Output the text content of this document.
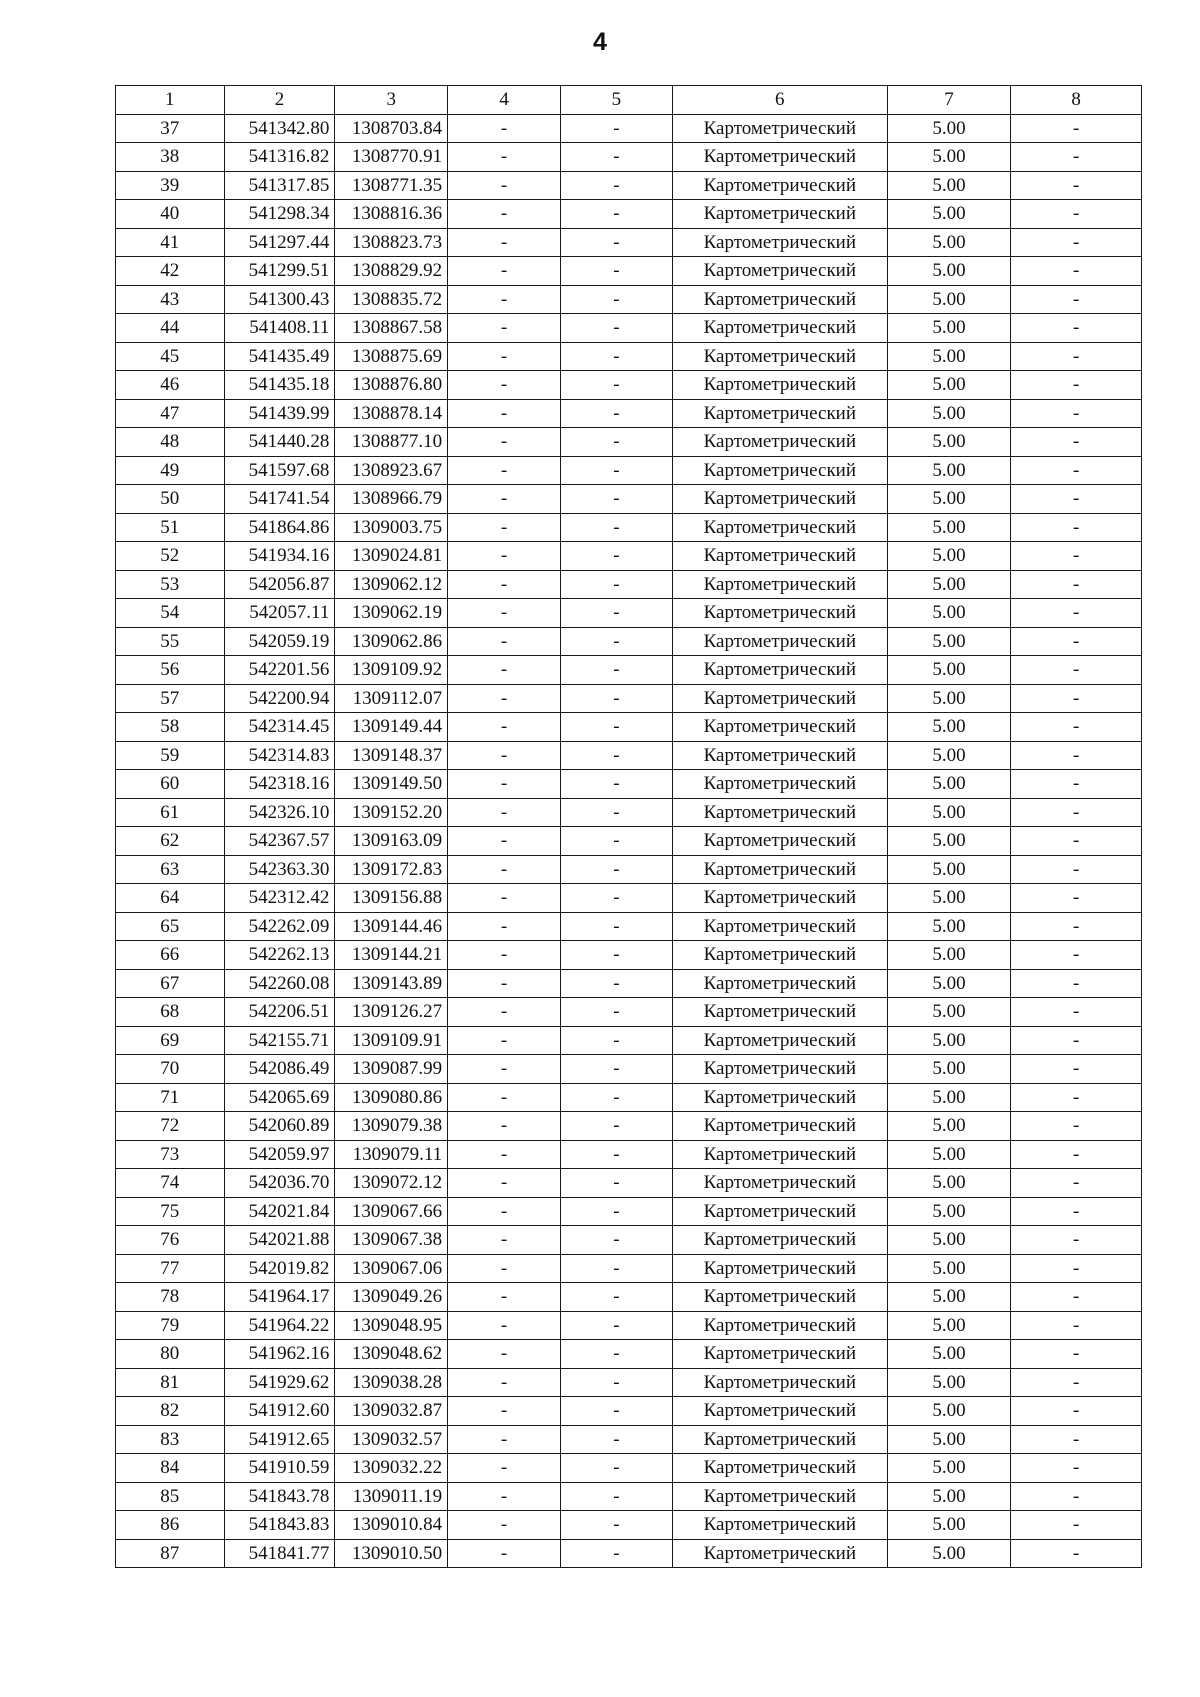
4
1	2	3	4	5	6	7	8
37	541342.80	1308703.84	-	-	Картометрический	5.00	-
38	541316.82	1308770.91	-	-	Картометрический	5.00	-
39	541317.85	1308771.35	-	-	Картометрический	5.00	-
40	541298.34	1308816.36	-	-	Картометрический	5.00	-
41	541297.44	1308823.73	-	-	Картометрический	5.00	-
42	541299.51	1308829.92	-	-	Картометрический	5.00	-
43	541300.43	1308835.72	-	-	Картометрический	5.00	-
44	541408.11	1308867.58	-	-	Картометрический	5.00	-
45	541435.49	1308875.69	-	-	Картометрический	5.00	-
46	541435.18	1308876.80	-	-	Картометрический	5.00	-
47	541439.99	1308878.14	-	-	Картометрический	5.00	-
48	541440.28	1308877.10	-	-	Картометрический	5.00	-
49	541597.68	1308923.67	-	-	Картометрический	5.00	-
50	541741.54	1308966.79	-	-	Картометрический	5.00	-
51	541864.86	1309003.75	-	-	Картометрический	5.00	-
52	541934.16	1309024.81	-	-	Картометрический	5.00	-
53	542056.87	1309062.12	-	-	Картометрический	5.00	-
54	542057.11	1309062.19	-	-	Картометрический	5.00	-
55	542059.19	1309062.86	-	-	Картометрический	5.00	-
56	542201.56	1309109.92	-	-	Картометрический	5.00	-
57	542200.94	1309112.07	-	-	Картометрический	5.00	-
58	542314.45	1309149.44	-	-	Картометрический	5.00	-
59	542314.83	1309148.37	-	-	Картометрический	5.00	-
60	542318.16	1309149.50	-	-	Картометрический	5.00	-
61	542326.10	1309152.20	-	-	Картометрический	5.00	-
62	542367.57	1309163.09	-	-	Картометрический	5.00	-
63	542363.30	1309172.83	-	-	Картометрический	5.00	-
64	542312.42	1309156.88	-	-	Картометрический	5.00	-
65	542262.09	1309144.46	-	-	Картометрический	5.00	-
66	542262.13	1309144.21	-	-	Картометрический	5.00	-
67	542260.08	1309143.89	-	-	Картометрический	5.00	-
68	542206.51	1309126.27	-	-	Картометрический	5.00	-
69	542155.71	1309109.91	-	-	Картометрический	5.00	-
70	542086.49	1309087.99	-	-	Картометрический	5.00	-
71	542065.69	1309080.86	-	-	Картометрический	5.00	-
72	542060.89	1309079.38	-	-	Картометрический	5.00	-
73	542059.97	1309079.11	-	-	Картометрический	5.00	-
74	542036.70	1309072.12	-	-	Картометрический	5.00	-
75	542021.84	1309067.66	-	-	Картометрический	5.00	-
76	542021.88	1309067.38	-	-	Картометрический	5.00	-
77	542019.82	1309067.06	-	-	Картометрический	5.00	-
78	541964.17	1309049.26	-	-	Картометрический	5.00	-
79	541964.22	1309048.95	-	-	Картометрический	5.00	-
80	541962.16	1309048.62	-	-	Картометрический	5.00	-
81	541929.62	1309038.28	-	-	Картометрический	5.00	-
82	541912.60	1309032.87	-	-	Картометрический	5.00	-
83	541912.65	1309032.57	-	-	Картометрический	5.00	-
84	541910.59	1309032.22	-	-	Картометрический	5.00	-
85	541843.78	1309011.19	-	-	Картометрический	5.00	-
86	541843.83	1309010.84	-	-	Картометрический	5.00	-
87	541841.77	1309010.50	-	-	Картометрический	5.00	-
